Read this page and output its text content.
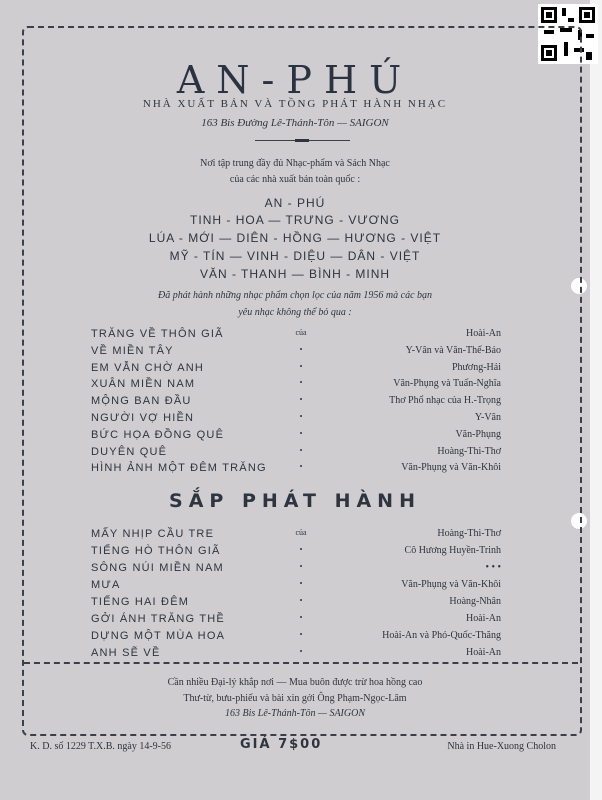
AN-PHÚ
NHÀ XUẤT BẢN VÀ TỒNG PHÁT HÀNH NHẠC
163 Bis Đường Lê-Thánh-Tôn — SAIGON
Nơi tập trung đầy đủ Nhạc-phẩm và Sách Nhạc
của các nhà xuất bản toàn quốc :
AN - PHÚ
TINH - HOA — TRƯNG - VƯƠNG
LÚA - MỚI — DIÊN - HỒNG — HƯƠNG - VIỆT
MỸ - TÍN — VINH - DIỆU — DÂN - VIỆT
VĂN - THANH — BÌNH - MINH
Đã phát hành những nhạc phẩm chọn lọc của năm 1956 mà các bạn
yêu nhạc không thể bỏ qua :
TRĂNG VỀ THÔN GIÃ	của	Hoài-An
VỀ MIỀN TÂY	•	Y-Vân và Văn-Thế-Bảo
EM VẪN CHỜ ANH	•	Phương-Hải
XUÂN MIỀN NAM	•	Văn-Phụng và Tuấn-Nghĩa
MỘNG BAN ĐẦU	•	Thơ Phổ nhạc của H.-Trọng
NGƯỜI VỢ HIỀN	•	Y-Vân
BỨC HỌA ĐỒNG QUÊ	•	Văn-Phụng
DUYÊN QUÊ	•	Hoàng-Thi-Thơ
HÌNH ẢNH MỘT ĐÊM TRĂNG	•	Văn-Phụng và Văn-Khôi
SẮP PHÁT HÀNH
MẤY NHỊP CẦU TRE	của	Hoàng-Thi-Thơ
TIẾNG HÒ THÔN GIÃ	•	Cô Hương Huyền-Trinh
SÔNG NÚI MIỀN NAM	•	• • •
MƯA	•	Văn-Phụng và Văn-Khôi
TIẾNG HAI ĐÊM	•	Hoàng-Nhân
GỞI ÁNH TRĂNG THỀ	•	Hoài-An
DỰNG MỘT MÙA HOA	•	Hoài-An và Phó-Quốc-Thăng
ANH SẼ VỀ	•	Hoài-An
Cần nhiều Đại-lý khắp nơi — Mua buôn được trừ hoa hồng cao
Thư-từ, bưu-phiếu và bài xin gởi Ông Phạm-Ngọc-Lâm
163 Bis Lê-Thánh-Tôn — SAIGON
K. D. số 1229 T.X.B. ngày 14-9-56	GIÁ 7$00	Nhà in Hue-Xuong Cholon
